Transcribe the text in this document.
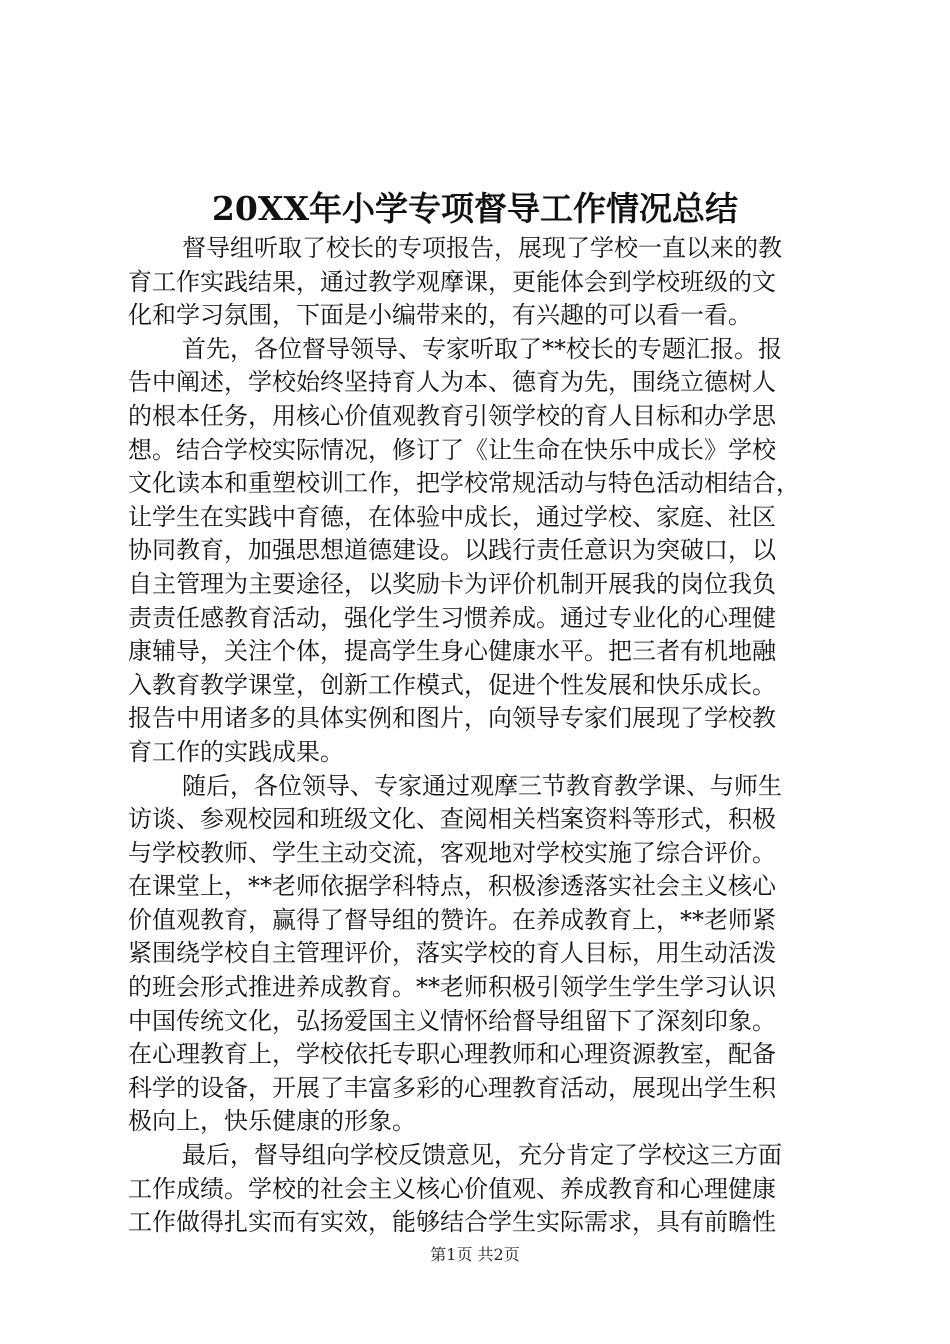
20XX年小学专项督导工作情况总结
督导组听取了校长的专项报告，展现了学校一直以来的教
育工作实践结果，通过教学观摩课，更能体会到学校班级的文
化和学习氛围，下面是小编带来的，有兴趣的可以看一看。
首先，各位督导领导、专家听取了**校长的专题汇报。报
告中阐述，学校始终坚持育人为本、德育为先，围绕立德树人
的根本任务，用核心价值观教育引领学校的育人目标和办学思
想。结合学校实际情况，修订了《让生命在快乐中成长》学校
文化读本和重塑校训工作，把学校常规活动与特色活动相结合，
让学生在实践中育德，在体验中成长，通过学校、家庭、社区
协同教育，加强思想道德建设。以践行责任意识为突破口，以
自主管理为主要途径，以奖励卡为评价机制开展我的岗位我负
责责任感教育活动，强化学生习惯养成。通过专业化的心理健
康辅导，关注个体，提高学生身心健康水平。把三者有机地融
入教育教学课堂，创新工作模式，促进个性发展和快乐成长。
报告中用诸多的具体实例和图片，向领导专家们展现了学校教
育工作的实践成果。
随后，各位领导、专家通过观摩三节教育教学课、与师生
访谈、参观校园和班级文化、查阅相关档案资料等形式，积极
与学校教师、学生主动交流，客观地对学校实施了综合评价。
在课堂上，**老师依据学科特点，积极渗透落实社会主义核心
价值观教育，赢得了督导组的赞许。在养成教育上，**老师紧
紧围绕学校自主管理评价，落实学校的育人目标，用生动活泼
的班会形式推进养成教育。**老师积极引领学生学生学习认识
中国传统文化，弘扬爱国主义情怀给督导组留下了深刻印象。
在心理教育上，学校依托专职心理教师和心理资源教室，配备
科学的设备，开展了丰富多彩的心理教育活动，展现出学生积
极向上，快乐健康的形象。
最后，督导组向学校反馈意见，充分肯定了学校这三方面
工作成绩。学校的社会主义核心价值观、养成教育和心理健康
工作做得扎实而有实效，能够结合学生实际需求，具有前瞻性
第1页 共2页
